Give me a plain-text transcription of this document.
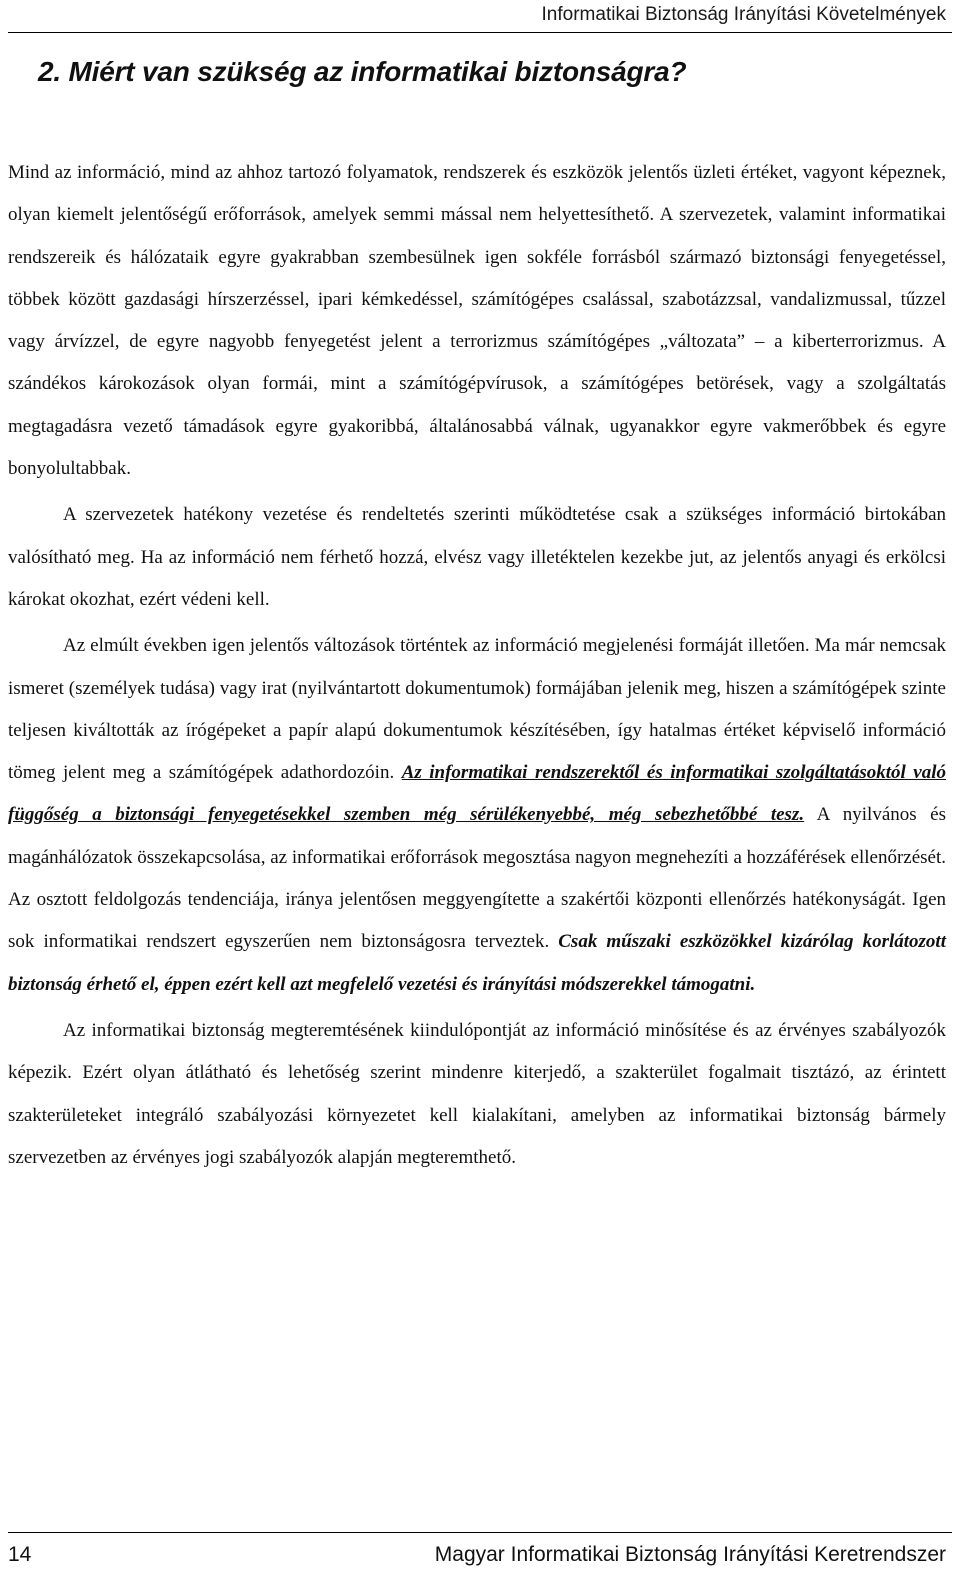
Informatikai Biztonság Irányítási Követelmények
2. Miért van szükség az informatikai biztonságra?

Mind az információ, mind az ahhoz tartozó folyamatok, rendszerek és eszközök jelentős üzleti értéket, vagyont képeznek, olyan kiemelt jelentőségű erőforrások, amelyek semmi mással nem helyettesíthető. A szervezetek, valamint informatikai rendszereik és hálózataik egyre gyakrabban szembesülnek igen sokféle forrásból származó biztonsági fenyegetéssel, többek között gazdasági hírszerzéssel, ipari kémkedéssel, számítógépes csalással, szabotázzsal, vandalizmussal, tűzzel vagy árvízzel, de egyre nagyobb fenyegetést jelent a terrorizmus számítógépes „változata” – a kiberterrorizmus. A szándékos károkozások olyan formái, mint a számítógépvírusok, a számítógépes betörések, vagy a szolgáltatás megtagadásra vezető támadások egyre gyakoribbá, általánosabbá válnak, ugyanakkor egyre vakmerőbbek és egyre bonyolultabbak.

A szervezetek hatékony vezetése és rendeltetés szerinti működtetése csak a szükséges információ birtokában valósítható meg. Ha az információ nem férhető hozzá, elvész vagy illetéktelen kezekbe jut, az jelentős anyagi és erkölcsi károkat okozhat, ezért védeni kell.

Az elmúlt években igen jelentős változások történtek az információ megjelenési formáját illetően. Ma már nemcsak ismeret (személyek tudása) vagy irat (nyilvántartott dokumentumok) formájában jelenik meg, hiszen a számítógépek szinte teljesen kiváltották az írógépeket a papír alapú dokumentumok készítésében, így hatalmas értéket képviselő információ tömeg jelent meg a számítógépek adathordozóin. Az informatikai rendszerektől és informatikai szolgáltatásoktól való függőség a biztonsági fenyegetésekkel szemben még sérülékenyebbé, még sebezhetőbbé tesz. A nyilvános és magánhálózatok összekapcsolása, az informatikai erőforrások megosztása nagyon megnehezíti a hozzáférések ellenőrzését. Az osztott feldolgozás tendenciája, iránya jelentősen meggyengítette a szakértői központi ellenőrzés hatékonyságát. Igen sok informatikai rendszert egyszerűen nem biztonságosra terveztek. Csak műszaki eszközökkel kizárólag korlátozott biztonság érhető el, éppen ezért kell azt megfelelő vezetési és irányítási módszerekkel támogatni.

Az informatikai biztonság megteremtésének kiindulópontját az információ minősítése és az érvényes szabályozók képezik. Ezért olyan átlátható és lehetőség szerint mindenre kiterjedő, a szakterület fogalmait tisztázó, az érintett szakterületeket integráló szabályozási környezetet kell kialakítani, amelyben az informatikai biztonság bármely szervezetben az érvényes jogi szabályozók alapján megteremthető.

14	Magyar Informatikai Biztonság Irányítási Keretrendszer
